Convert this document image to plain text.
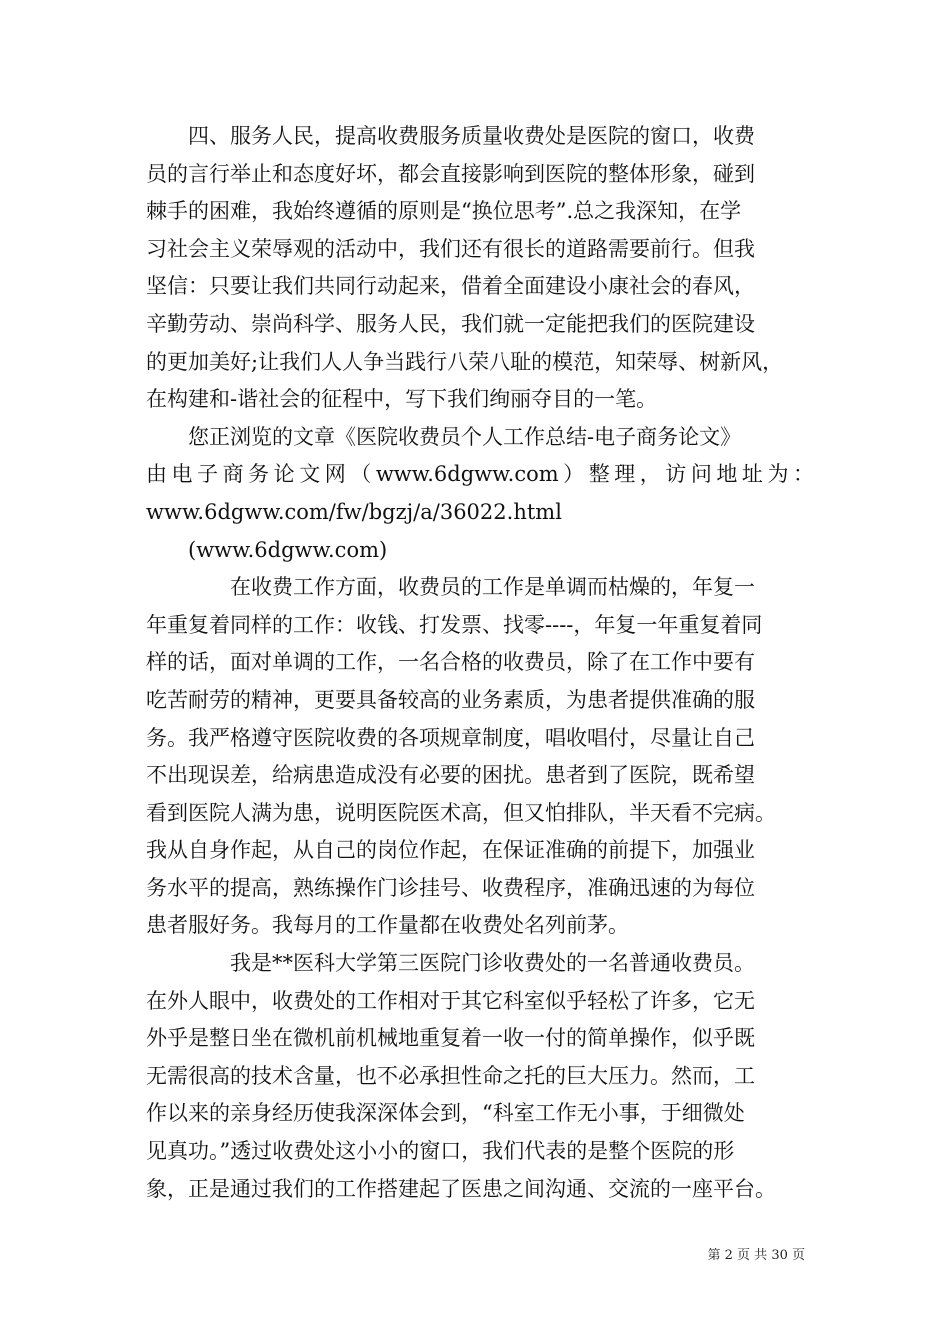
　　四、服务人民，提高收费服务质量收费处是医院的窗口，收费
员的言行举止和态度好坏，都会直接影响到医院的整体形象，碰到
棘手的困难，我始终遵循的原则是“换位思考”.总之我深知，在学
习社会主义荣辱观的活动中，我们还有很长的道路需要前行。但我
坚信：只要让我们共同行动起来，借着全面建设小康社会的春风，
辛勤劳动、崇尚科学、服务人民，我们就一定能把我们的医院建设
的更加美好;让我们人人争当践行八荣八耻的模范，知荣辱、树新风，
在构建和-谐社会的征程中，写下我们绚丽夺目的一笔。
　　您正浏览的文章《医院收费员个人工作总结-电子商务论文》
由电子商务论文网（www.6dgww.com）整理，访问地址为：
www.6dgww.com/fw/bgzj/a/36022.html
　　(www.6dgww.com)
　　　　在收费工作方面，收费员的工作是单调而枯燥的，年复一
年重复着同样的工作：收钱、打发票、找零----，年复一年重复着同
样的话，面对单调的工作，一名合格的收费员，除了在工作中要有
吃苦耐劳的精神，更要具备较高的业务素质，为患者提供准确的服
务。我严格遵守医院收费的各项规章制度，唱收唱付，尽量让自己
不出现误差，给病患造成没有必要的困扰。患者到了医院，既希望
看到医院人满为患，说明医院医术高，但又怕排队，半天看不完病。
我从自身作起，从自己的岗位作起，在保证准确的前提下，加强业
务水平的提高，熟练操作门诊挂号、收费程序，准确迅速的为每位
患者服好务。我每月的工作量都在收费处名列前茅。
　　　　我是**医科大学第三医院门诊收费处的一名普通收费员。
在外人眼中，收费处的工作相对于其它科室似乎轻松了许多，它无
外乎是整日坐在微机前机械地重复着一收一付的简单操作，似乎既
无需很高的技术含量，也不必承担性命之托的巨大压力。然而，工
作以来的亲身经历使我深深体会到，“科室工作无小事，于细微处
见真功。”透过收费处这小小的窗口，我们代表的是整个医院的形
象，正是通过我们的工作搭建起了医患之间沟通、交流的一座平台。
第 2 页 共 30 页
